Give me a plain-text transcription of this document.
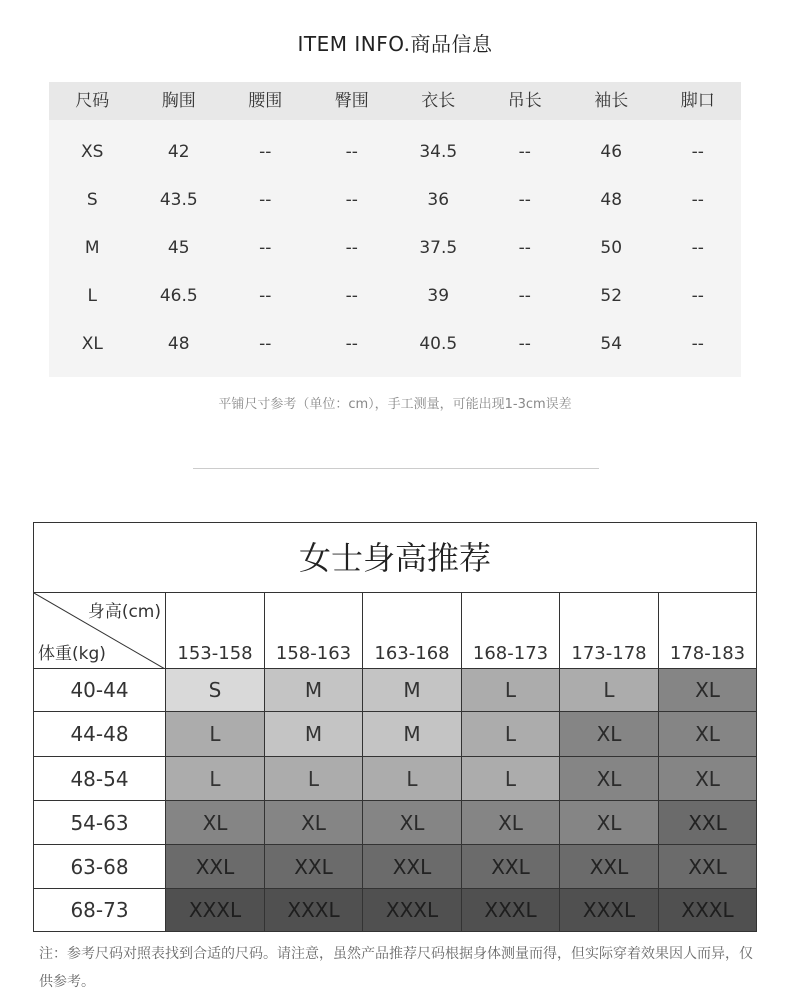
ITEM INFO.商品信息
尺码	胸围	腰围	臀围	衣长	吊长	袖长	脚口
XS	42	--	--	34.5	--	46	--
S	43.5	--	--	36	--	48	--
M	45	--	--	37.5	--	50	--
L	46.5	--	--	39	--	52	--
XL	48	--	--	40.5	--	54	--
平铺尺寸参考（单位：cm），手工测量，可能出现1-3cm误差
女士身高推荐
身高(cm)
体重(kg)	153-158	158-163	163-168	168-173	173-178	178-183
40-44	S	M	M	L	L	XL
44-48	L	M	M	L	XL	XL
48-54	L	L	L	L	XL	XL
54-63	XL	XL	XL	XL	XL	XXL
63-68	XXL	XXL	XXL	XXL	XXL	XXL
68-73	XXXL	XXXL	XXXL	XXXL	XXXL	XXXL
注：参考尺码对照表找到合适的尺码。请注意，虽然产品推荐尺码根据身体测量而得，但实际穿着效果因人而异，仅供参考。
